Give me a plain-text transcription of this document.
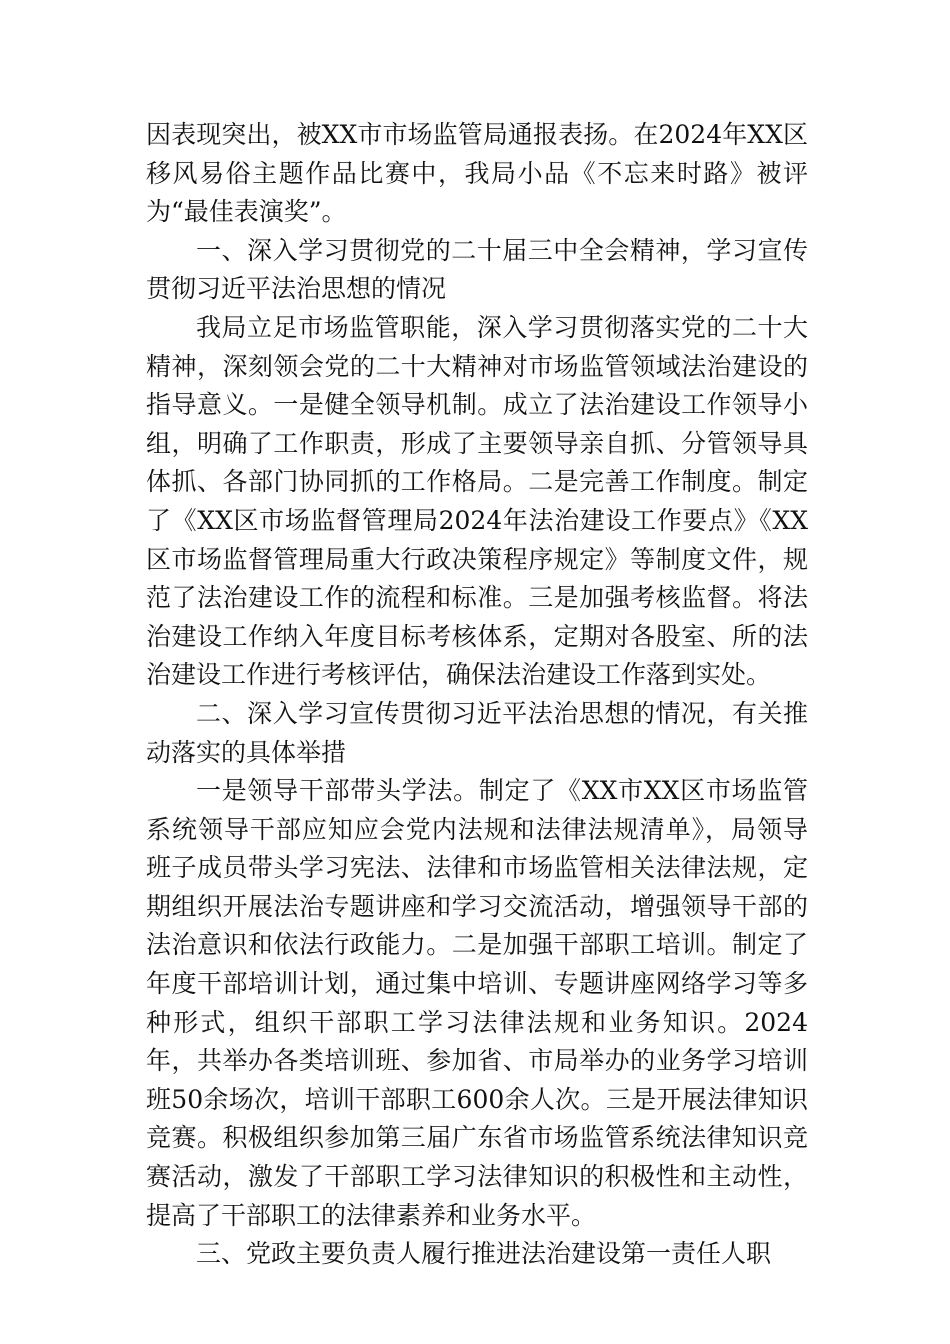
因表现突出，被XX市市场监管局通报表扬。在2024年XX区移风易俗主题作品比赛中，我局小品《不忘来时路》被评为“最佳表演奖”。

一、深入学习贯彻党的二十届三中全会精神，学习宣传贯彻习近平法治思想的情况

我局立足市场监管职能，深入学习贯彻落实党的二十大精神，深刻领会党的二十大精神对市场监管领域法治建设的指导意义。一是健全领导机制。成立了法治建设工作领导小组，明确了工作职责，形成了主要领导亲自抓、分管领导具体抓、各部门协同抓的工作格局。二是完善工作制度。制定了《XX区市场监督管理局2024年法治建设工作要点》《XX区市场监督管理局重大行政决策程序规定》等制度文件，规范了法治建设工作的流程和标准。三是加强考核监督。将法治建设工作纳入年度目标考核体系，定期对各股室、所的法治建设工作进行考核评估，确保法治建设工作落到实处。

二、深入学习宣传贯彻习近平法治思想的情况，有关推动落实的具体举措

一是领导干部带头学法。制定了《XX市XX区市场监管系统领导干部应知应会党内法规和法律法规清单》，局领导班子成员带头学习宪法、法律和市场监管相关法律法规，定期组织开展法治专题讲座和学习交流活动，增强领导干部的法治意识和依法行政能力。二是加强干部职工培训。制定了年度干部培训计划，通过集中培训、专题讲座网络学习等多种形式，组织干部职工学习法律法规和业务知识。2024年，共举办各类培训班、参加省、市局举办的业务学习培训班50余场次，培训干部职工600余人次。三是开展法律知识竞赛。积极组织参加第三届广东省市场监管系统法律知识竞赛活动，激发了干部职工学习法律知识的积极性和主动性，提高了干部职工的法律素养和业务水平。

三、党政主要负责人履行推进法治建设第一责任人职
